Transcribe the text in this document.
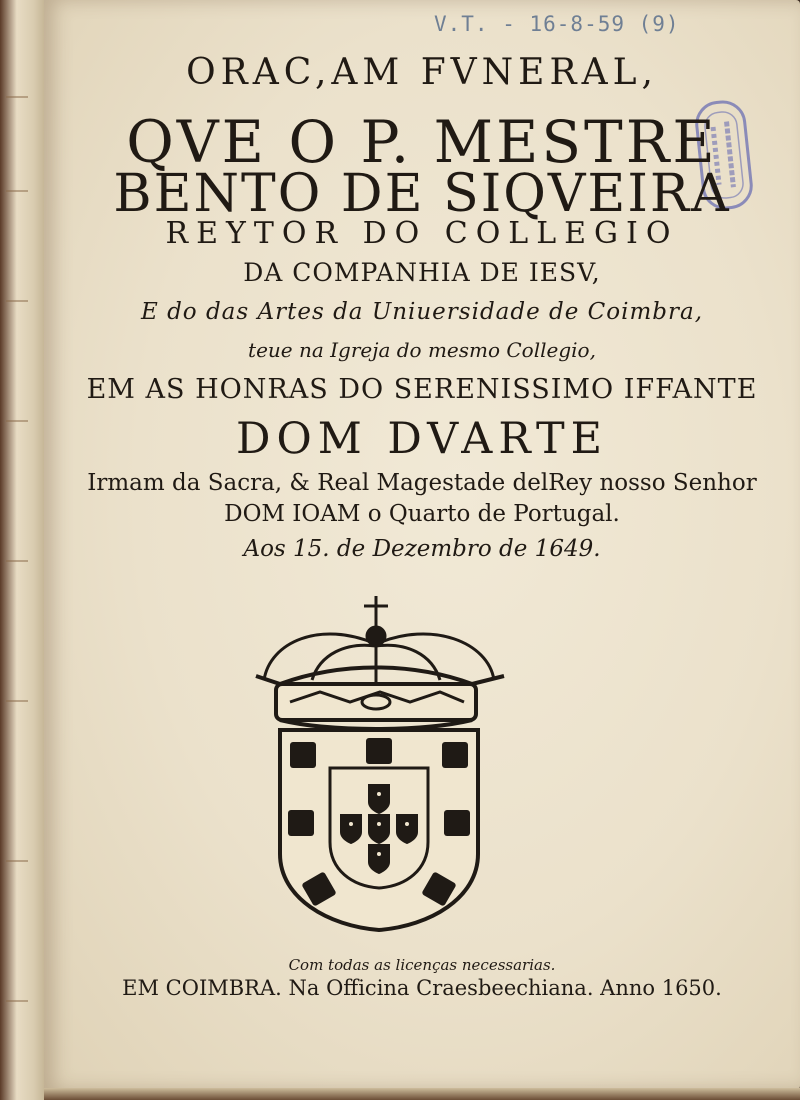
V.T. - 16-8-59 (9)

ORAC,AM FVNERAL,

QVE O P. MESTRE

BENTO DE SIQVEIRA

REYTOR DO COLLEGIO

DA COMPANHIA DE IESV,

E do das Artes da Uniuersidade de Coimbra,

teue na Igreja do mesmo Collegio,

EM AS HONRAS DO SERENISSIMO IFFANTE

DOM DVARTE

Irmam da Sacra, & Real Magestade delRey nosso Senhor

DOM IOAM o Quarto de Portugal.

Aos 15. de Dezembro de 1649.

Com todas as licenças necessarias.

EM COIMBRA. Na Officina Craesbeechiana. Anno 1650.
